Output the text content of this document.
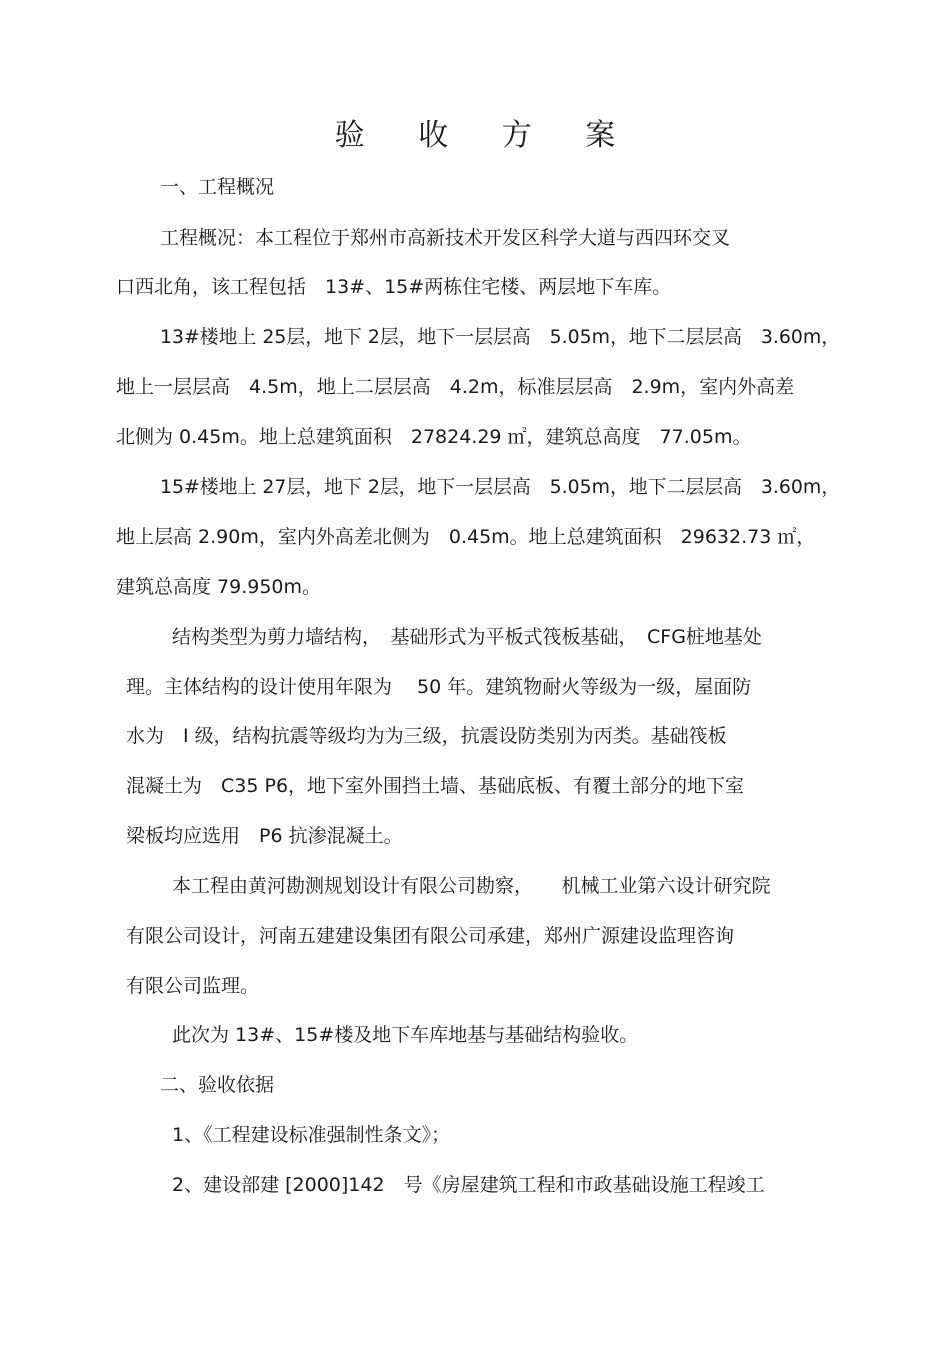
验 收 方 案
一、工程概况
工程概况：本工程位于郑州市高新技术开发区科学大道与西四环交叉
口西北角，该工程包括　13#、15#两栋住宅楼、两层地下车库。
13#楼地上 25层，地下 2层，地下一层层高　5.05m，地下二层层高　3.60m，
地上一层层高　4.5m，地上二层层高　4.2m，标准层层高　2.9m，室内外高差
北侧为 0.45m。地上总建筑面积　27824.29 ㎡，建筑总高度　77.05m。
15#楼地上 27层，地下 2层，地下一层层高　5.05m，地下二层层高　3.60m，
地上层高 2.90m，室内外高差北侧为　0.45m。地上总建筑面积　29632.73 ㎡，
建筑总高度 79.950m。
结构类型为剪力墙结构，　基础形式为平板式筏板基础，　CFG桩地基处
理。主体结构的设计使用年限为　 50 年。建筑物耐火等级为一级，屋面防
水为　Ⅰ 级，结构抗震等级均为为三级，抗震设防类别为丙类。基础筏板
混凝土为　C35 P6，地下室外围挡土墙、基础底板、有覆土部分的地下室
梁板均应选用　P6 抗渗混凝土。
本工程由黄河勘测规划设计有限公司勘察，　　机械工业第六设计研究院
有限公司设计，河南五建建设集团有限公司承建，郑州广源建设监理咨询
有限公司监理。
此次为 13#、15#楼及地下车库地基与基础结构验收。
二、验收依据
1、《工程建设标准强制性条文》；
2、建设部建 [2000]142　号《房屋建筑工程和市政基础设施工程竣工
